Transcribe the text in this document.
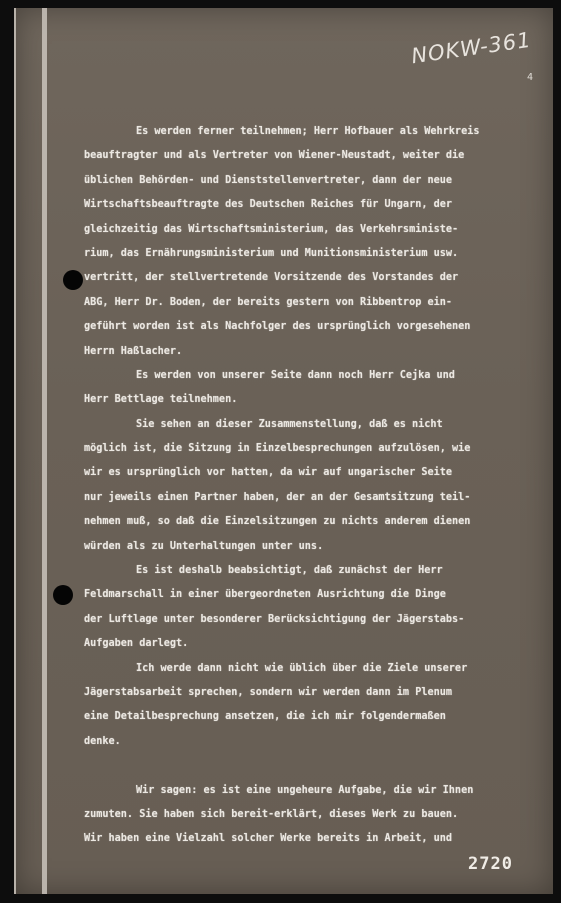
NOKW-361
4
Es werden ferner teilnehmen; Herr Hofbauer als Wehrkreis
beauftragter und als Vertreter von Wiener-Neustadt, weiter die
üblichen Behörden- und Dienststellenvertreter, dann der neue
Wirtschaftsbeauftragte des Deutschen Reiches für Ungarn, der
gleichzeitig das Wirtschaftsministerium, das Verkehrsministe-
rium, das Ernährungsministerium und Munitionsministerium usw.
vertritt, der stellvertretende Vorsitzende des Vorstandes der
ABG, Herr Dr. Boden, der bereits gestern von Ribbentrop ein-
geführt worden ist als Nachfolger des ursprünglich vorgesehenen
Herrn Haßlacher.
Es werden von unserer Seite dann noch Herr Cejka und
Herr Bettlage teilnehmen.
Sie sehen an dieser Zusammenstellung, daß es nicht
möglich ist, die Sitzung in Einzelbesprechungen aufzulösen, wie
wir es ursprünglich vor hatten, da wir auf ungarischer Seite
nur jeweils einen Partner haben, der an der Gesamtsitzung teil-
nehmen muß, so daß die Einzelsitzungen zu nichts anderem dienen
würden als zu Unterhaltungen unter uns.
Es ist deshalb beabsichtigt, daß zunächst der Herr
Feldmarschall in einer übergeordneten Ausrichtung die Dinge
der Luftlage unter besonderer Berücksichtigung der Jägerstabs-
Aufgaben darlegt.
Ich werde dann nicht wie üblich über die Ziele unserer
Jägerstabsarbeit sprechen, sondern wir werden dann im Plenum
eine Detailbesprechung ansetzen, die ich mir folgendermaßen
denke.
Wir sagen: es ist eine ungeheure Aufgabe, die wir Ihnen
zumuten. Sie haben sich bereit-erklärt, dieses Werk zu bauen.
Wir haben eine Vielzahl solcher Werke bereits in Arbeit, und
2720
